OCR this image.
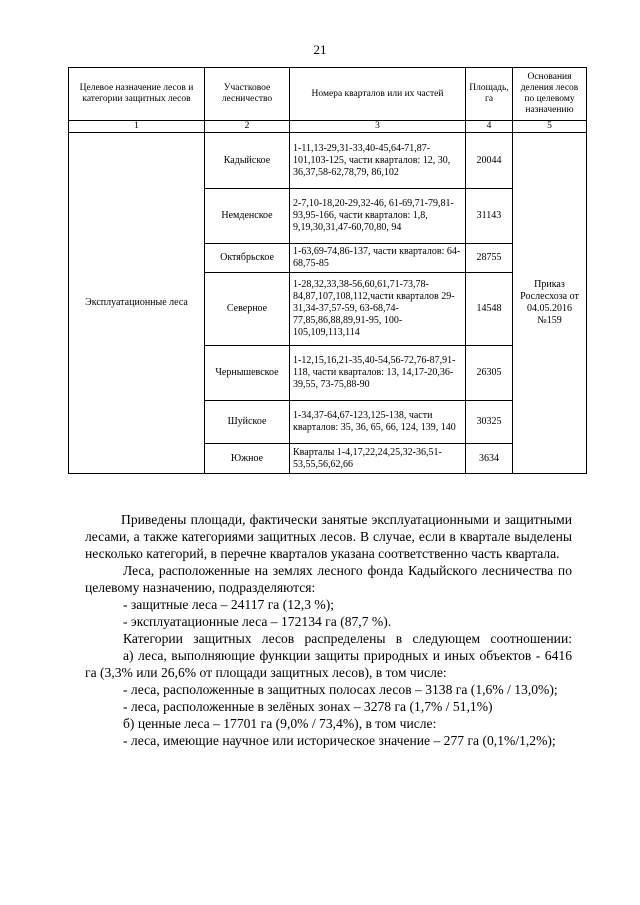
21
Целевое назначение лесов и категории защитных лесов	Участковое лесничество	Номера кварталов или их частей	Площадь, га	Основания деления лесов по целевому назначению
1	2	3	4	5
Эксплуатационные леса	Кадыйское	1-11,13-29,31-33,40-45,64-71,87-101,103-125, части кварталов: 12, 30, 36,37,58-62,78,79, 86,102	20044	Приказ Рослесхоза от 04.05.2016 №159
	Немденское	2-7,10-18,20-29,32-46, 61-69,71-79,81-93,95-166, части кварталов: 1,8, 9,19,30,31,47-60,70,80, 94	31143	
	Октябрьское	1-63,69-74,86-137, части кварталов: 64-68,75-85	28755	
	Северное	1-28,32,33,38-56,60,61,71-73,78-84,87,107,108,112,части кварталов 29-31,34-37,57-59, 63-68,74-77,85,86,88,89,91-95, 100-105,109,113,114	14548	
	Чернышевское	1-12,15,16,21-35,40-54,56-72,76-87,91-118, части кварталов: 13, 14,17-20,36-39,55, 73-75,88-90	26305	
	Шуйское	1-34,37-64,67-123,125-138, части кварталов: 35, 36, 65, 66, 124, 139, 140	30325	
	Южное	Кварталы 1-4,17,22,24,25,32-36,51-53,55,56,62,66	3634	

Приведены площади, фактически занятые эксплуатационными и защитными лесами, а также категориями защитных лесов. В случае, если в квартале выделены несколько категорий, в перечне кварталов указана соответственно часть квартала.

Леса, расположенные на землях лесного фонда Кадыйского лесничества по целевому назначению, подразделяются:

- защитные леса – 24117 га (12,3 %);

- эксплуатационные леса – 172134 га (87,7 %).

Категории защитных лесов распределены в следующем соотношении:

а) леса, выполняющие функции защиты природных и иных объектов - 6416 га (3,3% или 26,6% от площади защитных лесов), в том числе:

- леса, расположенные в защитных полосах лесов – 3138 га (1,6% / 13,0%);

- леса, расположенные в зелёных зонах – 3278 га (1,7% / 51,1%)

б) ценные леса – 17701 га (9,0% / 73,4%), в том числе:

- леса, имеющие научное или историческое значение – 277 га (0,1%/1,2%);
